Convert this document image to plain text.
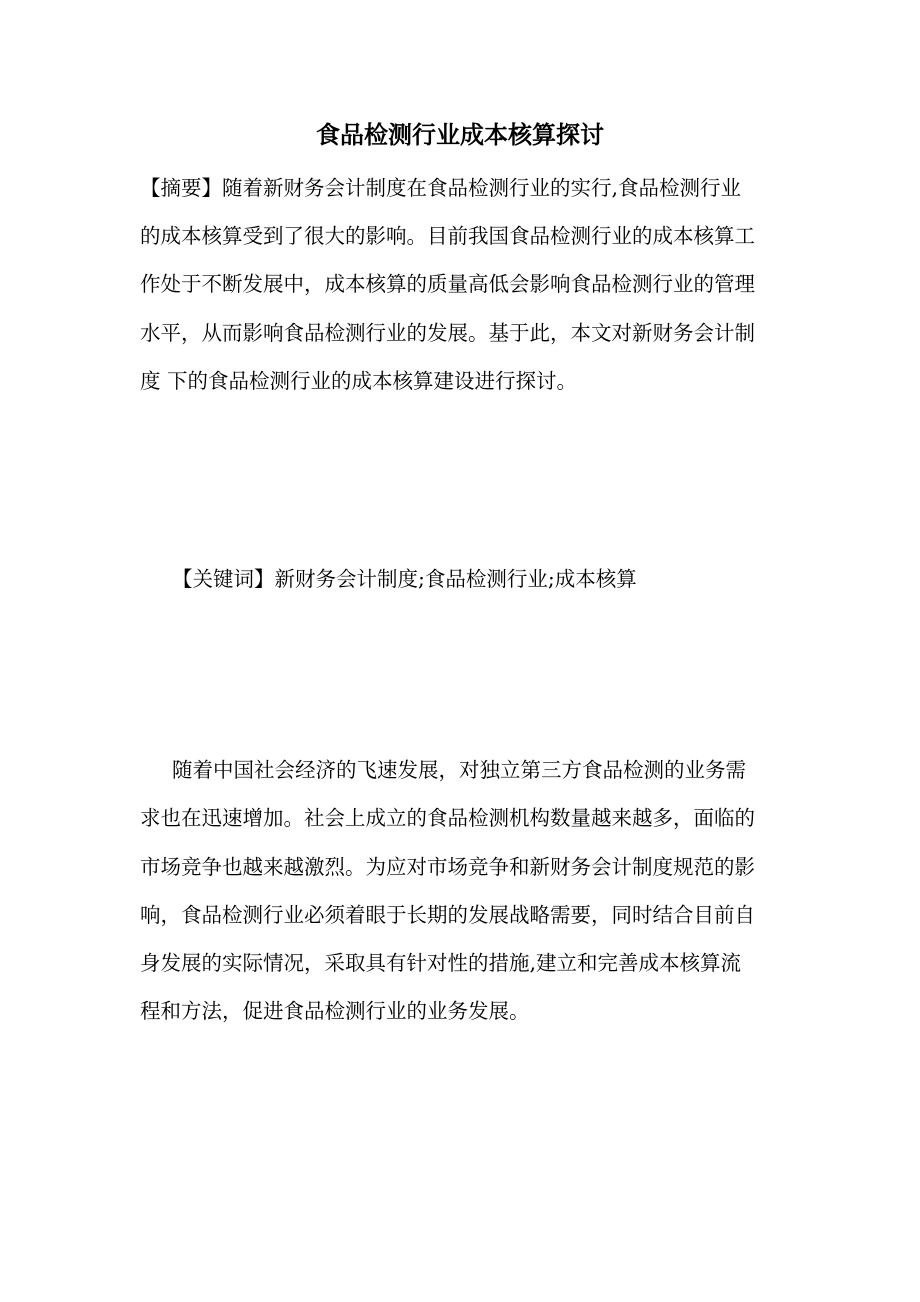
食品检测行业成本核算探讨
【摘要】随着新财务会计制度在食品检测行业的实行,食品检测行业
的成本核算受到了很大的影响。目前我国食品检测行业的成本核算工
作处于不断发展中，成本核算的质量高低会影响食品检测行业的管理
水平，从而影响食品检测行业的发展。基于此，本文对新财务会计制
度 下的食品检测行业的成本核算建设进行探讨。
【关键词】新财务会计制度;食品检测行业;成本核算
随着中国社会经济的飞速发展，对独立第三方食品检测的业务需
求也在迅速增加。社会上成立的食品检测机构数量越来越多，面临的
市场竞争也越来越激烈。为应对市场竞争和新财务会计制度规范的影
响，食品检测行业必须着眼于长期的发展战略需要，同时结合目前自
身发展的实际情况，采取具有针对性的措施,建立和完善成本核算流
程和方法，促进食品检测行业的业务发展。
